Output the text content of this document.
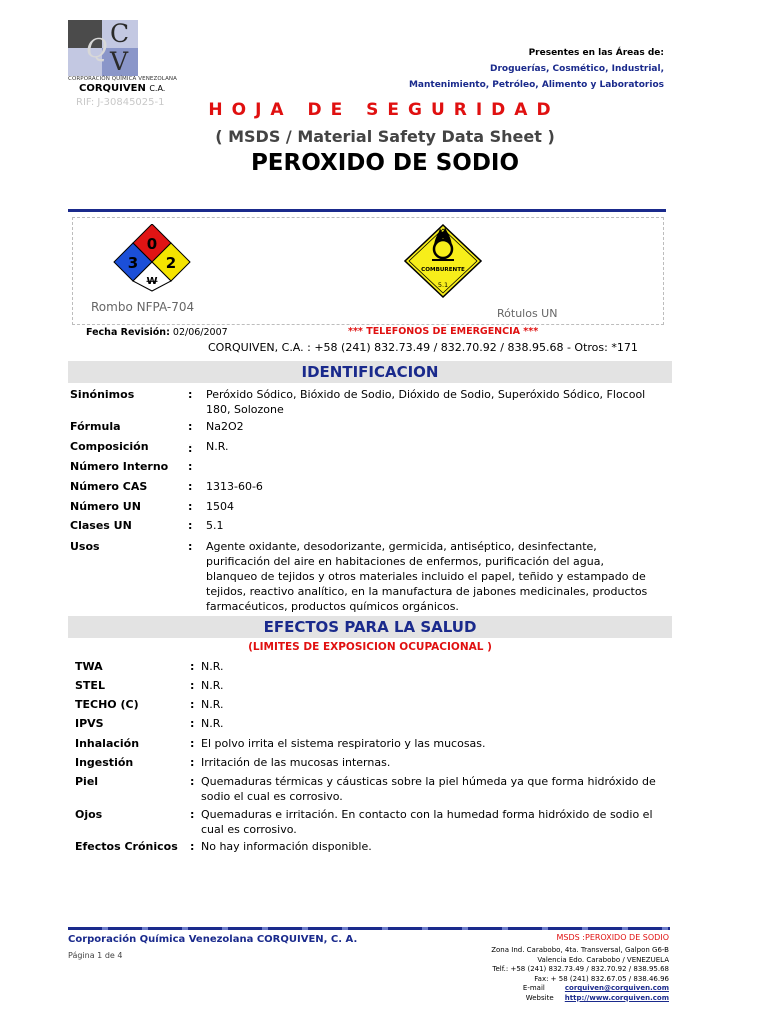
C
Q V
CORPORACIÓN QUÍMICA VENEZOLANA
CORQUIVEN C.A.
RIF: J-30845025-1
Presentes en las Áreas de:
Droguerías, Cosmético, Industrial,
Mantenimiento, Petróleo, Alimento y Laboratorios
HOJA DE SEGURIDAD
( MSDS / Material Safety Data Sheet )
PEROXIDO DE SODIO
0
3 2
W
Rombo NFPA-704
COMBURENTE
5.1
Rótulos UN
Fecha Revisión: 02/06/2007	*** TELEFONOS DE EMERGENCIA ***
CORQUIVEN, C.A. : +58 (241) 832.73.49 / 832.70.92 / 838.95.68 - Otros: *171
IDENTIFICACION
Sinónimos	: Peróxido Sódico, Bióxido de Sodio, Dióxido de Sodio, Superóxido Sódico, Flocool 180, Solozone
Fórmula	: Na2O2
Composición	: N.R.
Número Interno :
Número CAS	: 1313-60-6
Número UN	: 1504
Clases UN	: 5.1
Usos	: Agente oxidante, desodorizante, germicida, antiséptico, desinfectante, purificación del aire en habitaciones de enfermos, purificación del agua, blanqueo de tejidos y otros materiales incluido el papel, teñido y estampado de tejidos, reactivo analítico, en la manufactura de jabones medicinales, productos farmacéuticos, productos químicos orgánicos.
EFECTOS PARA LA SALUD
(LIMITES DE EXPOSICION OCUPACIONAL )
TWA	: N.R.
STEL	: N.R.
TECHO (C)	: N.R.
IPVS	: N.R.
Inhalación	: El polvo irrita el sistema respiratorio y las mucosas.
Ingestión	: Irritación de las mucosas internas.
Piel	: Quemaduras térmicas y cáusticas sobre la piel húmeda ya que forma hidróxido de sodio el cual es corrosivo.
Ojos	: Quemaduras e irritación. En contacto con la humedad forma hidróxido de sodio el cual es corrosivo.
Efectos Crónicos : No hay información disponible.
Corporación Química Venezolana CORQUIVEN, C. A.
Página 1 de 4
MSDS :PEROXIDO DE SODIO
Zona Ind. Carabobo, 4ta. Transversal, Galpon G6-B
Valencia Edo. Carabobo / VENEZUELA
Telf.: +58 (241) 832.73.49 / 832.70.92 / 838.95.68
Fax: + 58 (241) 832.67.05 / 838.46.96
E-mail	corquiven@corquiven.com
Website http://www.corquiven.com
